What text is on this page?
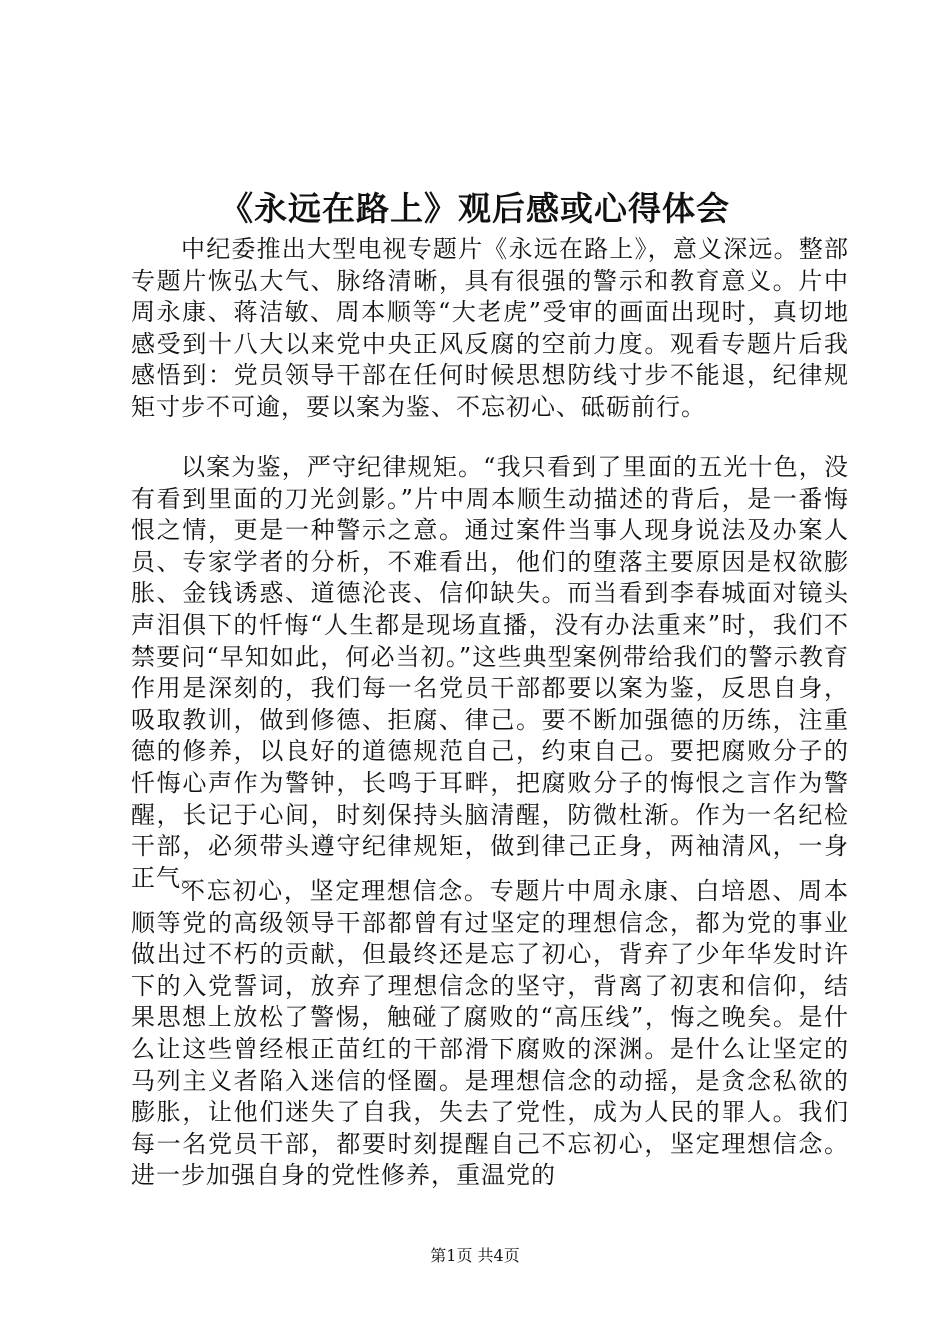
《永远在路上》观后感或心得体会

中纪委推出大型电视专题片《永远在路上》，意义深远。整部专题片恢弘大气、脉络清晰，具有很强的警示和教育意义。片中周永康、蒋洁敏、周本顺等“大老虎”受审的画面出现时，真切地感受到十八大以来党中央正风反腐的空前力度。观看专题片后我感悟到：党员领导干部在任何时候思想防线寸步不能退，纪律规矩寸步不可逾，要以案为鉴、不忘初心、砥砺前行。

以案为鉴，严守纪律规矩。“我只看到了里面的五光十色，没有看到里面的刀光剑影。”片中周本顺生动描述的背后，是一番悔恨之情，更是一种警示之意。通过案件当事人现身说法及办案人员、专家学者的分析，不难看出，他们的堕落主要原因是权欲膨胀、金钱诱惑、道德沦丧、信仰缺失。而当看到李春城面对镜头声泪俱下的忏悔“人生都是现场直播，没有办法重来”时，我们不禁要问“早知如此，何必当初。”这些典型案例带给我们的警示教育作用是深刻的，我们每一名党员干部都要以案为鉴，反思自身，吸取教训，做到修德、拒腐、律己。要不断加强德的历练，注重德的修养，以良好的道德规范自己，约束自己。要把腐败分子的忏悔心声作为警钟，长鸣于耳畔，把腐败分子的悔恨之言作为警醒，长记于心间，时刻保持头脑清醒，防微杜渐。作为一名纪检干部，必须带头遵守纪律规矩，做到律己正身，两袖清风，一身正气。

不忘初心，坚定理想信念。专题片中周永康、白培恩、周本顺等党的高级领导干部都曾有过坚定的理想信念，都为党的事业做出过不朽的贡献，但最终还是忘了初心，背弃了少年华发时许下的入党誓词，放弃了理想信念的坚守，背离了初衷和信仰，结果思想上放松了警惕，触碰了腐败的“高压线”，悔之晚矣。是什么让这些曾经根正苗红的干部滑下腐败的深渊。是什么让坚定的马列主义者陷入迷信的怪圈。是理想信念的动摇，是贪念私欲的膨胀，让他们迷失了自我，失去了党性，成为人民的罪人。我们每一名党员干部，都要时刻提醒自己不忘初心，坚定理想信念。进一步加强自身的党性修养，重温党的

第1页 共4页
